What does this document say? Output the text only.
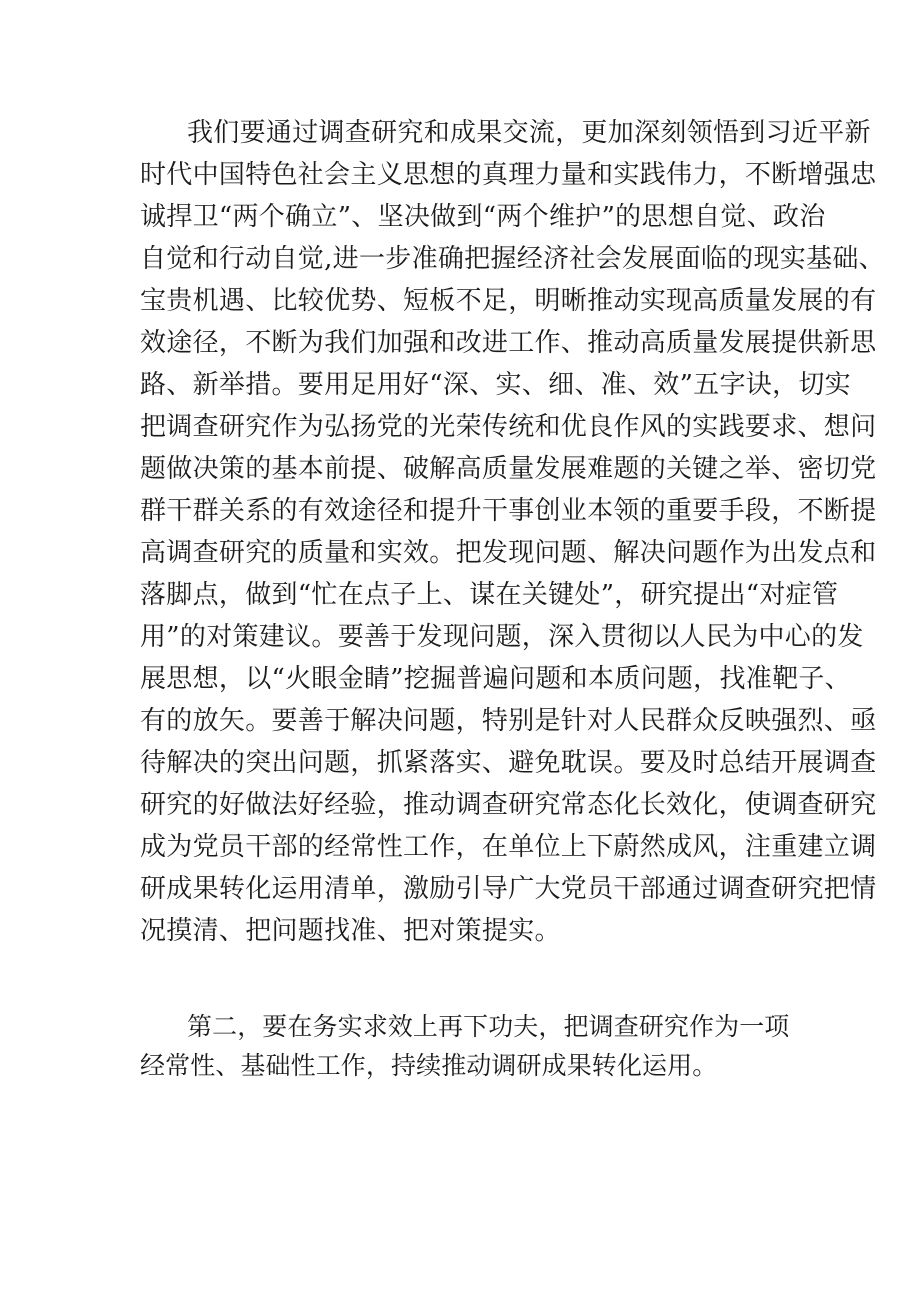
我们要通过调查研究和成果交流，更加深刻领悟到习近平新
时代中国特色社会主义思想的真理力量和实践伟力，不断增强忠
诚捍卫“两个确立”、坚决做到“两个维护”的思想自觉、政治
自觉和行动自觉,进一步准确把握经济社会发展面临的现实基础、
宝贵机遇、比较优势、短板不足，明晰推动实现高质量发展的有
效途径，不断为我们加强和改进工作、推动高质量发展提供新思
路、新举措。要用足用好“深、实、细、准、效”五字诀，切实
把调查研究作为弘扬党的光荣传统和优良作风的实践要求、想问
题做决策的基本前提、破解高质量发展难题的关键之举、密切党
群干群关系的有效途径和提升干事创业本领的重要手段，不断提
高调查研究的质量和实效。把发现问题、解决问题作为出发点和
落脚点，做到“忙在点子上、谋在关键处”，研究提出“对症管
用”的对策建议。要善于发现问题，深入贯彻以人民为中心的发
展思想，以“火眼金睛”挖掘普遍问题和本质问题，找准靶子、
有的放矢。要善于解决问题，特别是针对人民群众反映强烈、亟
待解决的突出问题，抓紧落实、避免耽误。要及时总结开展调查
研究的好做法好经验，推动调查研究常态化长效化，使调查研究
成为党员干部的经常性工作，在单位上下蔚然成风，注重建立调
研成果转化运用清单，激励引导广大党员干部通过调查研究把情
况摸清、把问题找准、把对策提实。
第二，要在务实求效上再下功夫，把调查研究作为一项
经常性、基础性工作，持续推动调研成果转化运用。
